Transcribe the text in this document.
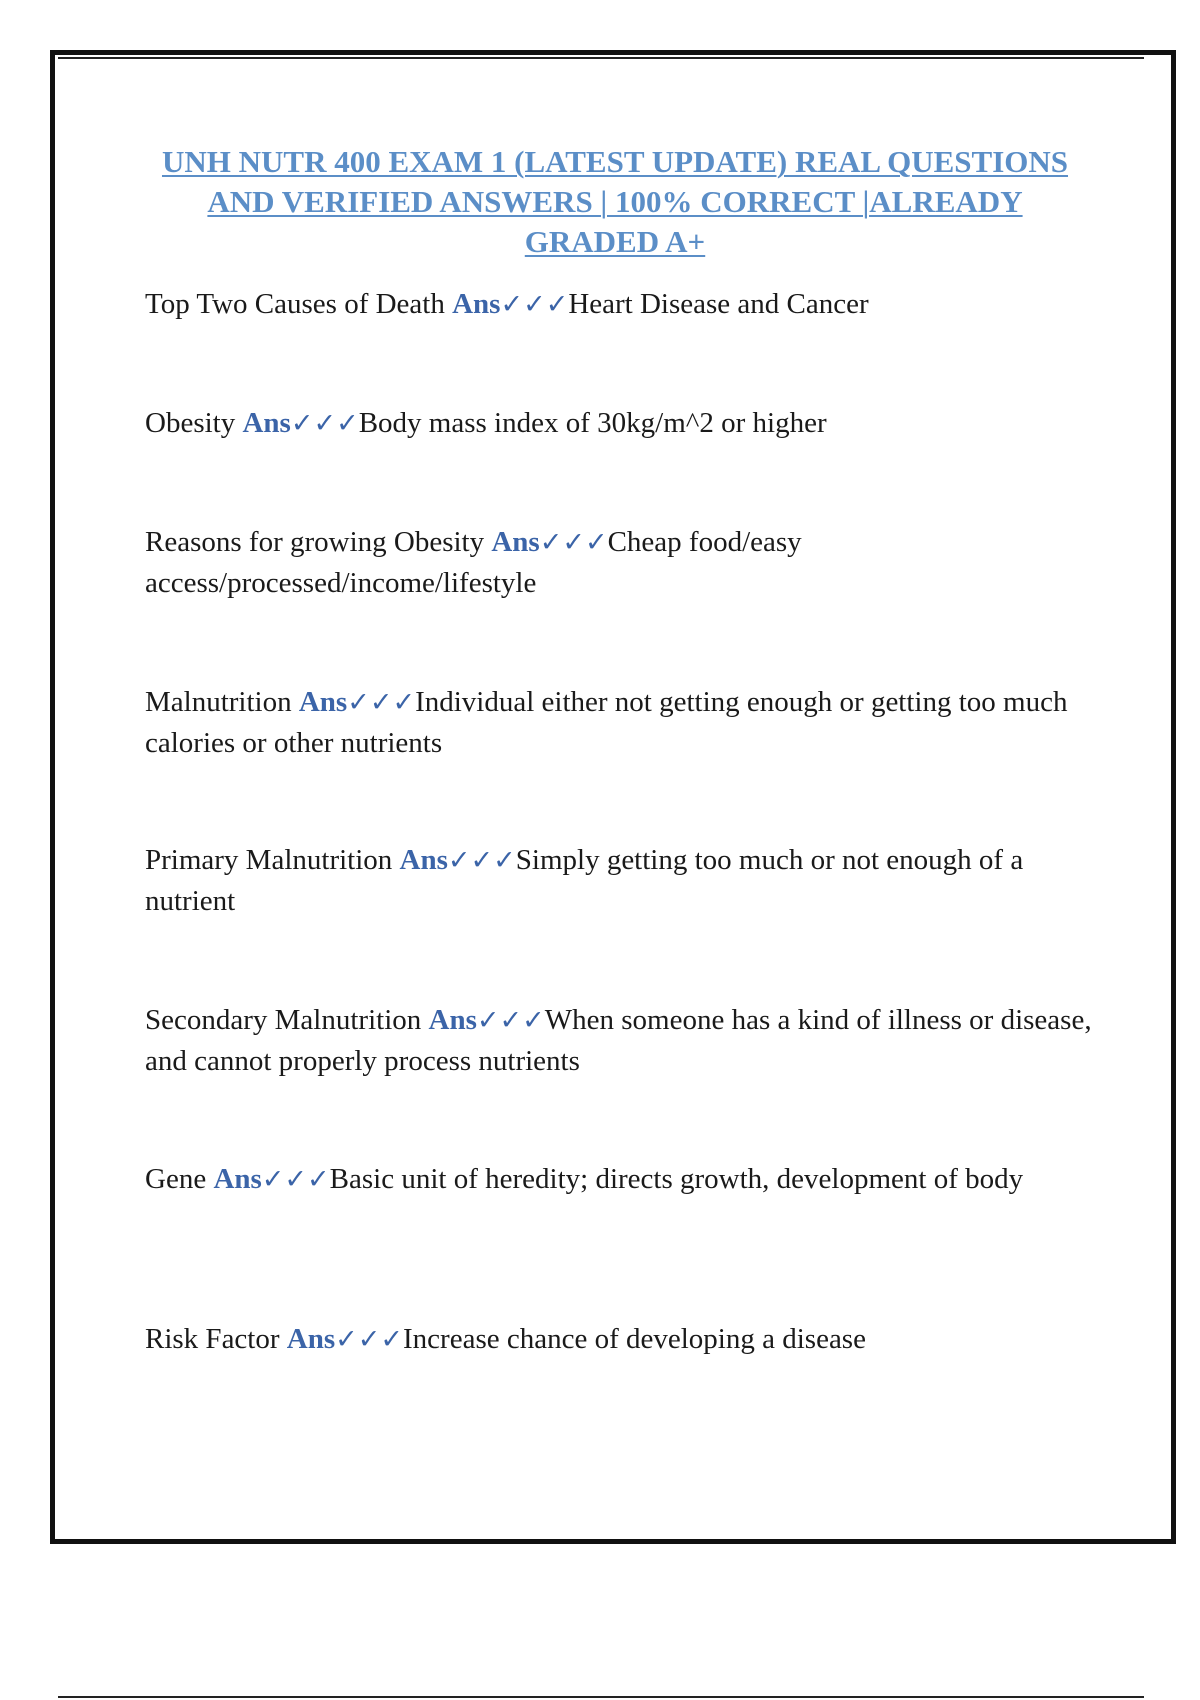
UNH NUTR 400 EXAM 1 (LATEST UPDATE) REAL QUESTIONS AND VERIFIED ANSWERS | 100% CORRECT |ALREADY GRADED A+

Top Two Causes of Death Ans✓✓✓Heart Disease and Cancer

Obesity Ans✓✓✓Body mass index of 30kg/m^2 or higher

Reasons for growing Obesity Ans✓✓✓Cheap food/easy access/processed/income/lifestyle

Malnutrition Ans✓✓✓Individual either not getting enough or getting too much calories or other nutrients

Primary Malnutrition Ans✓✓✓Simply getting too much or not enough of a nutrient

Secondary Malnutrition Ans✓✓✓When someone has a kind of illness or disease, and cannot properly process nutrients

Gene Ans✓✓✓Basic unit of heredity; directs growth, development of body

Risk Factor Ans✓✓✓Increase chance of developing a disease
